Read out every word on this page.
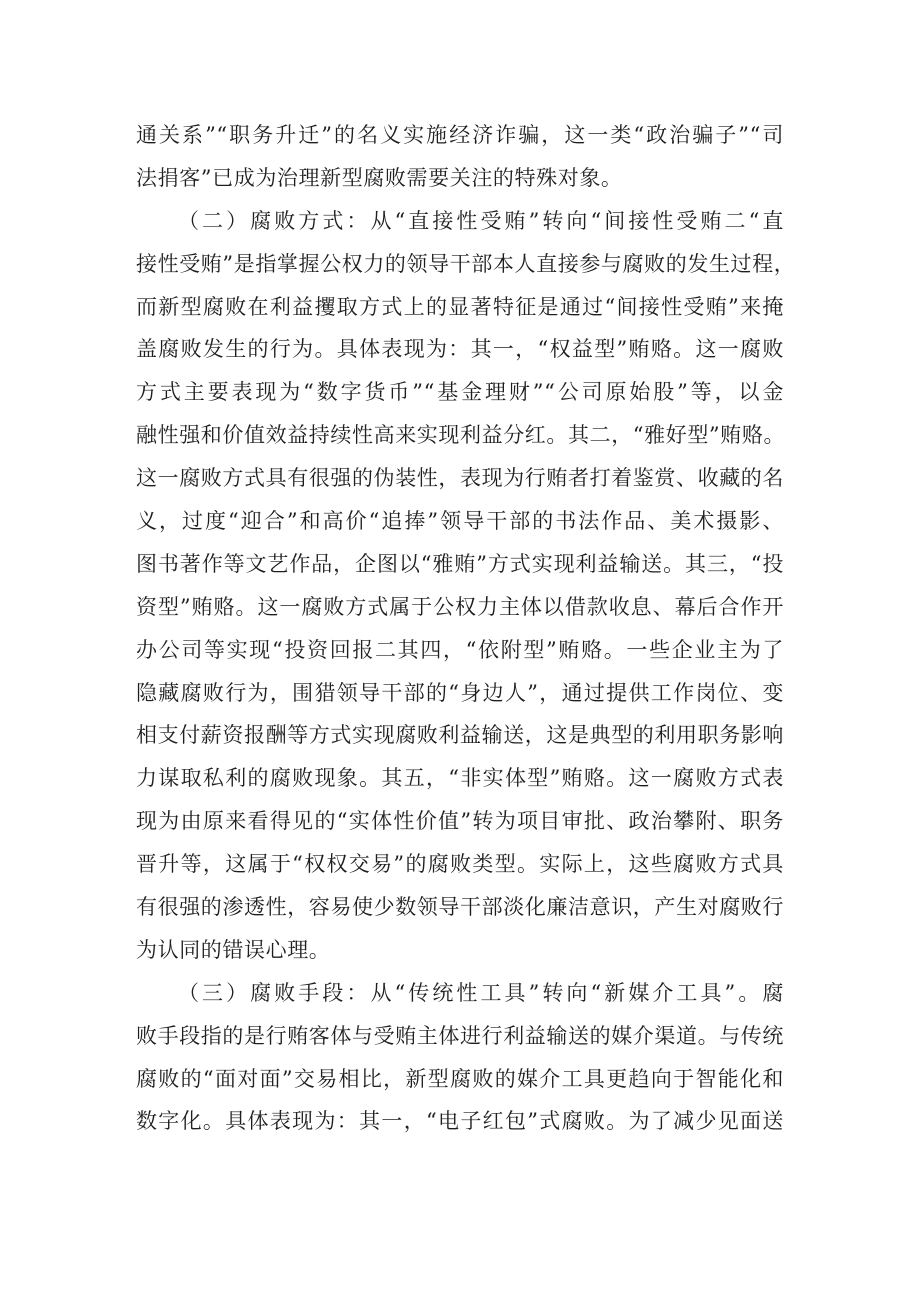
通关系”“职务升迁”的名义实施经济诈骗，这一类“政治骗子”“司
法捐客”已成为治理新型腐败需要关注的特殊对象。
（二）腐败方式：从“直接性受贿”转向“间接性受贿二“直
接性受贿”是指掌握公权力的领导干部本人直接参与腐败的发生过程，
而新型腐败在利益攫取方式上的显著特征是通过“间接性受贿”来掩
盖腐败发生的行为。具体表现为：其一，“权益型”贿赂。这一腐败
方式主要表现为“数字货币”“基金理财”“公司原始股”等，以金
融性强和价值效益持续性高来实现利益分红。其二，“雅好型”贿赂。
这一腐败方式具有很强的伪装性，表现为行贿者打着鉴赏、收藏的名
义，过度“迎合”和高价“追捧”领导干部的书法作品、美术摄影、
图书著作等文艺作品，企图以“雅贿”方式实现利益输送。其三，“投
资型”贿赂。这一腐败方式属于公权力主体以借款收息、幕后合作开
办公司等实现“投资回报二其四，“依附型”贿赂。一些企业主为了
隐藏腐败行为，围猎领导干部的“身边人”，通过提供工作岗位、变
相支付薪资报酬等方式实现腐败利益输送，这是典型的利用职务影响
力谋取私利的腐败现象。其五，“非实体型”贿赂。这一腐败方式表
现为由原来看得见的“实体性价值”转为项目审批、政治攀附、职务
晋升等，这属于“权权交易”的腐败类型。实际上，这些腐败方式具
有很强的渗透性，容易使少数领导干部淡化廉洁意识，产生对腐败行
为认同的错误心理。
（三）腐败手段：从“传统性工具”转向“新媒介工具”。腐
败手段指的是行贿客体与受贿主体进行利益输送的媒介渠道。与传统
腐败的“面对面”交易相比，新型腐败的媒介工具更趋向于智能化和
数字化。具体表现为：其一，“电子红包”式腐败。为了减少见面送
